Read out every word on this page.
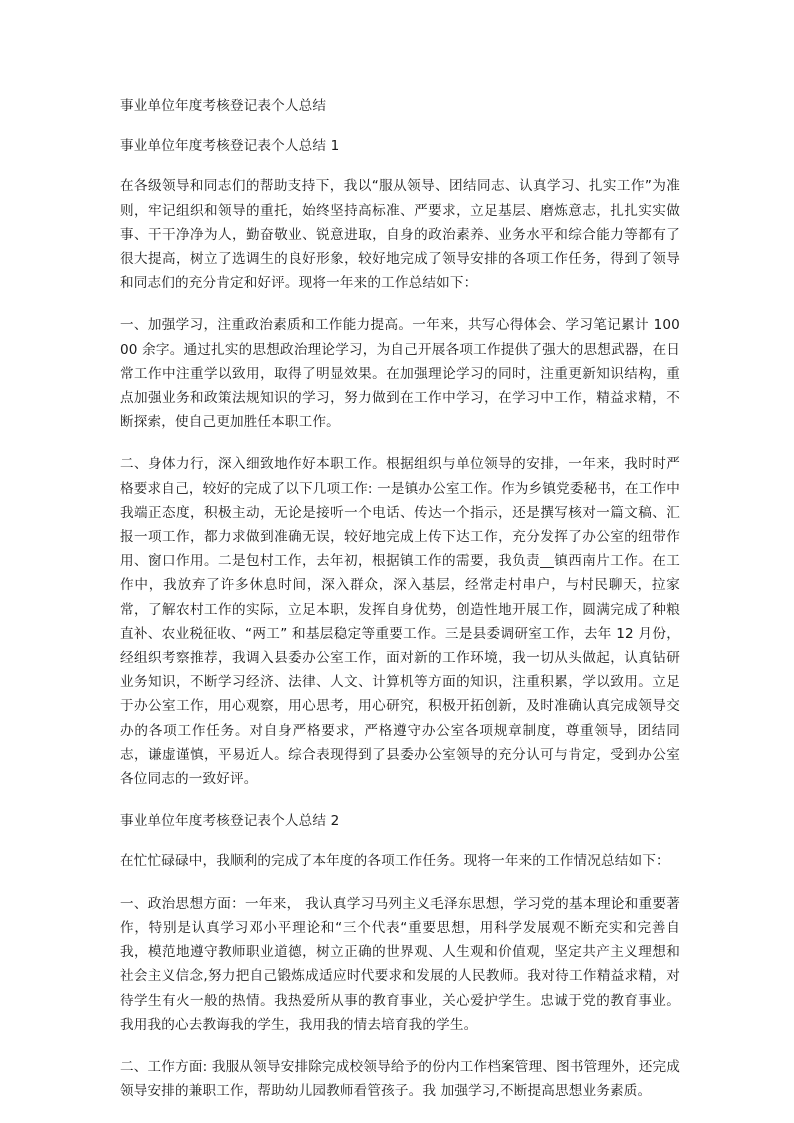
事业单位年度考核登记表个人总结

事业单位年度考核登记表个人总结 1

在各级领导和同志们的帮助支持下，我以“服从领导、团结同志、认真学习、扎实工作”为准则，牢记组织和领导的重托，始终坚持高标准、严要求，立足基层、磨炼意志，扎扎实实做事、干干净净为人，勤奋敬业、锐意进取，自身的政治素养、业务水平和综合能力等都有了很大提高，树立了选调生的良好形象，较好地完成了领导安排的各项工作任务，得到了领导和同志们的充分肯定和好评。现将一年来的工作总结如下：

一、加强学习，注重政治素质和工作能力提高。一年来，共写心得体会、学习笔记累计 10000 余字。通过扎实的思想政治理论学习，为自己开展各项工作提供了强大的思想武器，在日常工作中注重学以致用，取得了明显效果。在加强理论学习的同时，注重更新知识结构，重点加强业务和政策法规知识的学习，努力做到在工作中学习，在学习中工作，精益求精，不断探索，使自己更加胜任本职工作。

二、身体力行，深入细致地作好本职工作。根据组织与单位领导的安排，一年来，我时时严格要求自己，较好的完成了以下几项工作: 一是镇办公室工作。作为乡镇党委秘书，在工作中我端正态度，积极主动，无论是接听一个电话、传达一个指示，还是撰写核对一篇文稿、汇报一项工作，都力求做到准确无误，较好地完成上传下达工作，充分发挥了办公室的纽带作用、窗口作用。二是包村工作，去年初，根据镇工作的需要，我负责__镇西南片工作。在工作中，我放弃了许多休息时间，深入群众，深入基层，经常走村串户，与村民聊天，拉家常，了解农村工作的实际，立足本职，发挥自身优势，创造性地开展工作，圆满完成了种粮直补、农业税征收、“两工” 和基层稳定等重要工作。三是县委调研室工作，去年 12 月份，经组织考察推荐，我调入县委办公室工作，面对新的工作环境，我一切从头做起，认真钻研业务知识，不断学习经济、法律、人文、计算机等方面的知识，注重积累，学以致用。立足于办公室工作，用心观察，用心思考，用心研究，积极开拓创新，及时准确认真完成领导交办的各项工作任务。对自身严格要求，严格遵守办公室各项规章制度，尊重领导，团结同志，谦虚谨慎，平易近人。综合表现得到了县委办公室领导的充分认可与肯定，受到办公室各位同志的一致好评。

事业单位年度考核登记表个人总结 2

在忙忙碌碌中，我顺利的完成了本年度的各项工作任务。现将一年来的工作情况总结如下：

一、政治思想方面：一年来， 我认真学习马列主义毛泽东思想，学习党的基本理论和重要著作，特别是认真学习邓小平理论和“三个代表“重要思想，用科学发展观不断充实和完善自我，模范地遵守教师职业道德，树立正确的世界观、人生观和价值观，坚定共产主义理想和社会主义信念,努力把自己锻炼成适应时代要求和发展的人民教师。我对待工作精益求精，对待学生有火一般的热情。我热爱所从事的教育事业，关心爱护学生。忠诚于党的教育事业。我用我的心去教诲我的学生，我用我的情去培育我的学生。

二、工作方面: 我服从领导安排除完成校领导给予的份内工作档案管理、图书管理外，还完成领导安排的兼职工作，帮助幼儿园教师看管孩子。我 加强学习,不断提高思想业务素质。
